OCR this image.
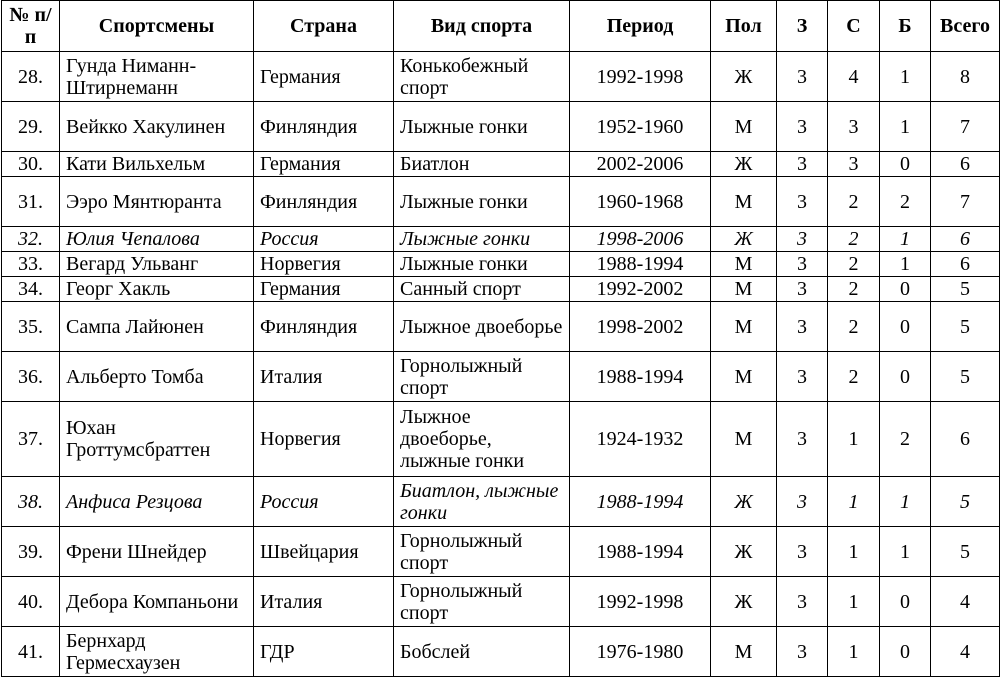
№ п/п	Спортсмены	Страна	Вид спорта	Период	Пол	З	С	Б	Всего
28.	Гунда Ниманн-Штирнеманн	Германия	Конькобежный спорт	1992-1998	Ж	3	4	1	8
29.	Вейкко Хакулинен	Финляндия	Лыжные гонки	1952-1960	М	3	3	1	7
30.	Кати Вильхельм	Германия	Биатлон	2002-2006	Ж	3	3	0	6
31.	Ээро Мянтюранта	Финляндия	Лыжные гонки	1960-1968	М	3	2	2	7
32.	Юлия Чепалова	Россия	Лыжные гонки	1998-2006	Ж	3	2	1	6
33.	Вегард Ульванг	Норвегия	Лыжные гонки	1988-1994	М	3	2	1	6
34.	Георг Хакль	Германия	Санный спорт	1992-2002	М	3	2	0	5
35.	Сампа Лайюнен	Финляндия	Лыжное двоеборье	1998-2002	М	3	2	0	5
36.	Альберто Томба	Италия	Горнолыжный спорт	1988-1994	М	3	2	0	5
37.	Юхан Гроттумсбраттен	Норвегия	Лыжное двоеборье, лыжные гонки	1924-1932	М	3	1	2	6
38.	Анфиса Резцова	Россия	Биатлон, лыжные гонки	1988-1994	Ж	3	1	1	5
39.	Френи Шнейдер	Швейцария	Горнолыжный спорт	1988-1994	Ж	3	1	1	5
40.	Дебора Компаньони	Италия	Горнолыжный спорт	1992-1998	Ж	3	1	0	4
41.	Бернхард Гермесхаузен	ГДР	Бобслей	1976-1980	М	3	1	0	4
